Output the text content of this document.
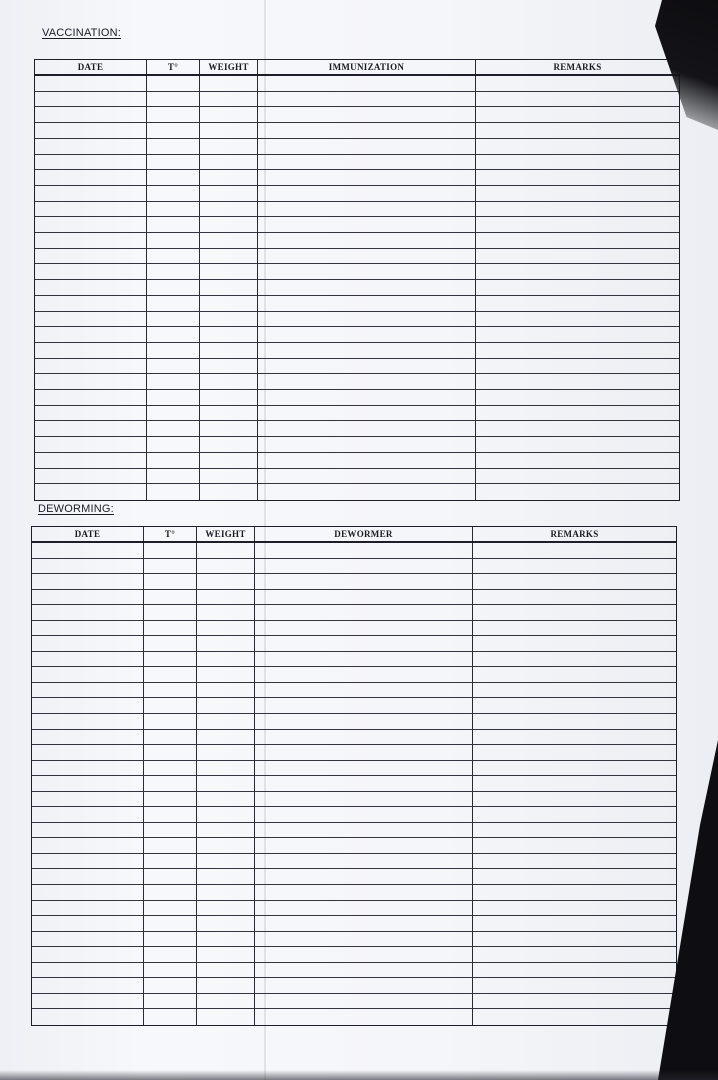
VACCINATION:
DATE	T°	WEIGHT	IMMUNIZATION	REMARKS
DEWORMING:
DATE	T°	WEIGHT	DEWORMER	REMARKS
